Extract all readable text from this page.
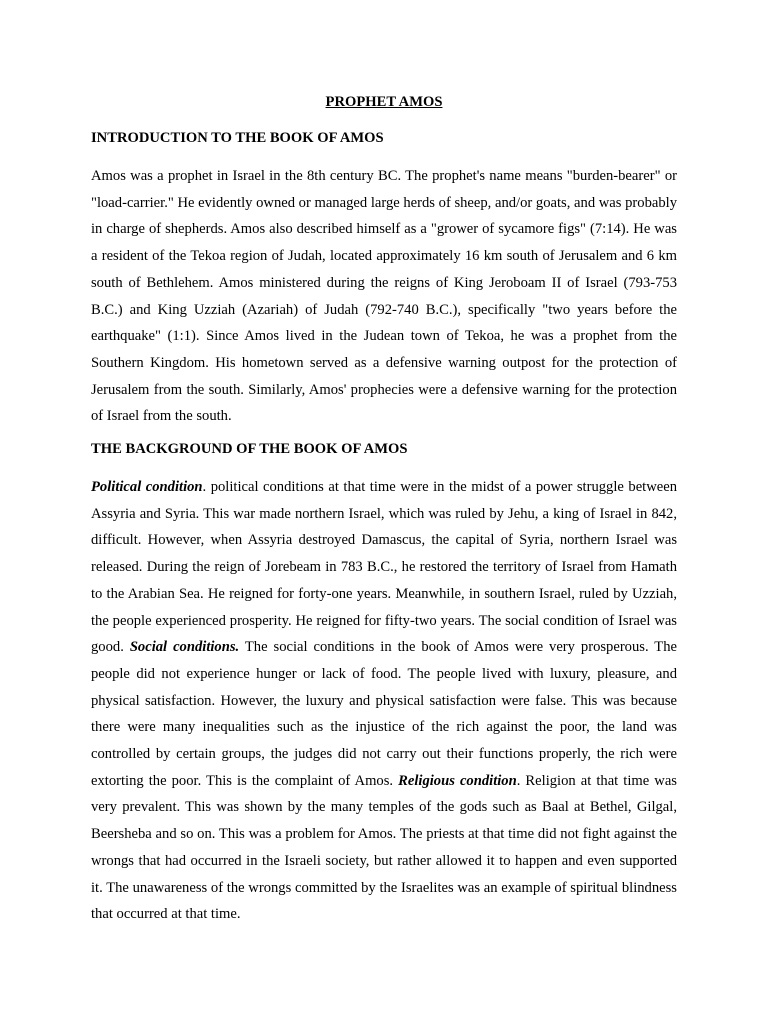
PROPHET AMOS
INTRODUCTION TO THE BOOK OF AMOS

Amos was a prophet in Israel in the 8th century BC. The prophet's name means "burden-bearer" or "load-carrier." He evidently owned or managed large herds of sheep, and/or goats, and was probably in charge of shepherds. Amos also described himself as a "grower of sycamore figs" (7:14). He was a resident of the Tekoa region of Judah, located approximately 16 km south of Jerusalem and 6 km south of Bethlehem. Amos ministered during the reigns of King Jeroboam II of Israel (793-753 B.C.) and King Uzziah (Azariah) of Judah (792-740 B.C.), specifically "two years before the earthquake" (1:1). Since Amos lived in the Judean town of Tekoa, he was a prophet from the Southern Kingdom. His hometown served as a defensive warning outpost for the protection of Jerusalem from the south. Similarly, Amos' prophecies were a defensive warning for the protection of Israel from the south.

THE BACKGROUND OF THE BOOK OF AMOS

Political condition. political conditions at that time were in the midst of a power struggle between Assyria and Syria. This war made northern Israel, which was ruled by Jehu, a king of Israel in 842, difficult. However, when Assyria destroyed Damascus, the capital of Syria, northern Israel was released. During the reign of Jorebeam in 783 B.C., he restored the territory of Israel from Hamath to the Arabian Sea. He reigned for forty-one years. Meanwhile, in southern Israel, ruled by Uzziah, the people experienced prosperity. He reigned for fifty-two years. The social condition of Israel was good. Social conditions. The social conditions in the book of Amos were very prosperous. The people did not experience hunger or lack of food. The people lived with luxury, pleasure, and physical satisfaction. However, the luxury and physical satisfaction were false. This was because there were many inequalities such as the injustice of the rich against the poor, the land was controlled by certain groups, the judges did not carry out their functions properly, the rich were extorting the poor. This is the complaint of Amos. Religious condition. Religion at that time was very prevalent. This was shown by the many temples of the gods such as Baal at Bethel, Gilgal, Beersheba and so on. This was a problem for Amos. The priests at that time did not fight against the wrongs that had occurred in the Israeli society, but rather allowed it to happen and even supported it. The unawareness of the wrongs committed by the Israelites was an example of spiritual blindness that occurred at that time.
